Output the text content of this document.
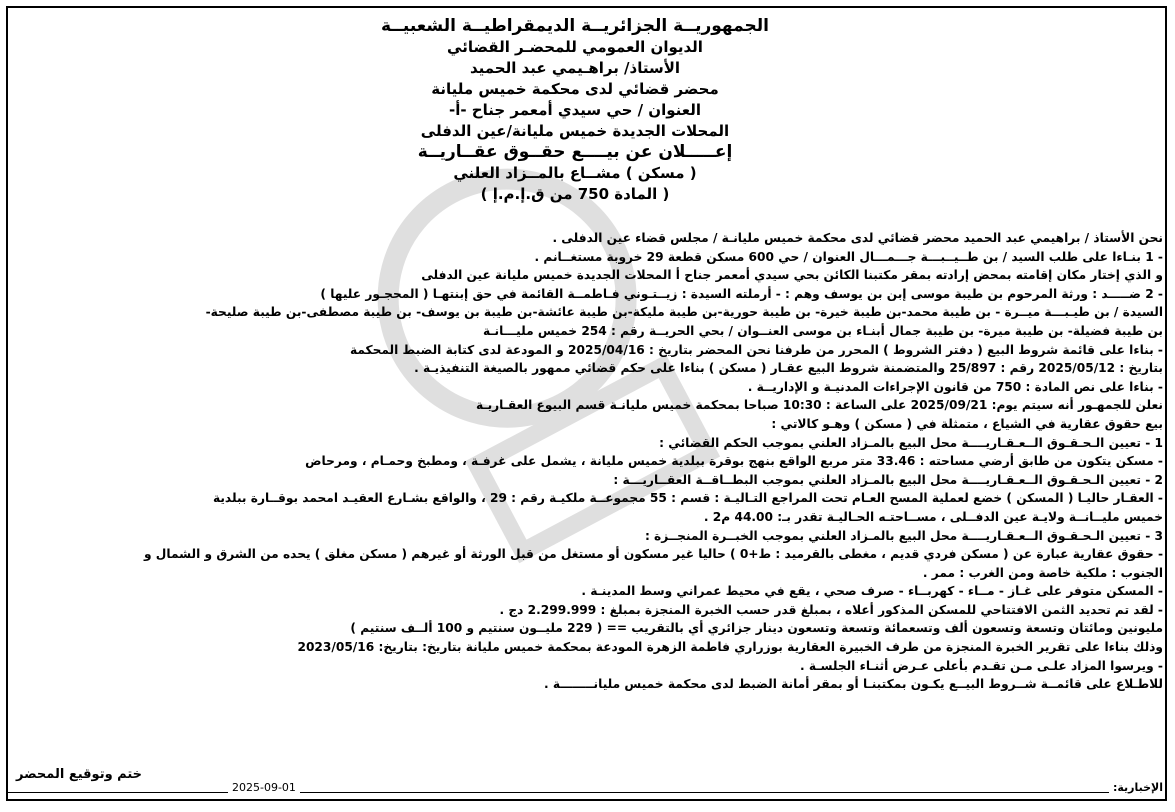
الجمهوريــة الجزائريــة الديمقراطيــة الشعبيــة
الديوان العمومي للمحضـر القضائي
الأستاذ/ براهـيمي عبد الحميد
محضر قضائي لدى محكمة خميس مليانة
العنوان / حي سيدي أمعمر جناح -أ-
المحلات الجديدة خميس مليانة/عين الدفلى
إعـــــلان عن بيــــع حقــوق عقــاريــة
( مسكن ) مشــاع بالمــزاد العلني
( المادة 750 من ق.إ.م.إ )
نحن الأستاذ / براهيمي عبد الحميد محضر قضائي لدى محكمة خميس مليانـة / مجلس قضاء عين الدفلى .
- 1 بنـاءا على طلب السيد / بن طــيــبـــة جـــمـــال العنوان / حي 600 مسكن قطعة 29 خروبة مستغــانم .
و الذي إختار مكان إقامته بمحض إرادته بمقر مكتبنا الكائن بحي سيدي أمعمر جناح أ المحلات الجديدة خميس مليانة عين الدفلى
- 2 ضـــــد : ورثة المرحوم بن طيبة موسى إبن بن يوسف وهم : - أرملته السيدة : زيــتـوني فـاطمــة القائمة في حق إبنتهـا ( المحجـور عليها )
السيدة / بن طيـبـــة ميــرة - بن طيبة محمد-بن طيبة خيرة- بن طيبة حورية-بن طيبة مليكة-بن طيبة عائشة-بن طيبة بن يوسف- بن طيبة مصطفى-بن طيبة صليحة-
بن طيبة فضيلة- بن طيبة ميرة- بن طيبة جمال أبنـاء بن موسى العنــوان / بحي الحريــة رقم : 254 خميس مليـــانـة
- بناءا على قائمة شروط البيع ( دفتر الشروط ) المحرر من طرفنا نحن المحضر بتاريخ : 2025/04/16 و المودعة لدى كتابة الضبط المحكمة
بتاريخ : 2025/05/12 رقم : 25/897 والمتضمنة شروط البيع عقـار ( مسكن ) بناءا على حكم قضائي ممهور بالصيغة التنفيذيـة .
- بناءا على نص المادة : 750 من قانون الإجراءات المدنيـة و الإداريــة .
نعلن للجمهـور أنه سيتم يوم: 2025/09/21 على الساعة : 10:30 صباحا بمحكمة خميس مليانـة قسم البيوع العقـاريـة
بيع حقوق عقارية في الشياع ، متمثلة في ( مسكن ) وهـو كالاتي :
1 - تعيين الـحـقـوق الــعـقـاريــــة محل البيع بالمـزاد العلني بموجب الحكم القضائي :
- مسكن يتكون من طابق أرضي مساحته : 33.46 متر مربع الواقع بنهج بوقرة ببلدية خميس مليانة ، يشمل على غرفـة ، ومطبخ وحمـام ، ومرحاض
2 - تعيين الـحـقـوق الــعـقـاريــــة محل البيع بالمـزاد العلني بموجب البطــاقــة العقــاريـــة :
- العقـار حاليـا ( المسكن ) خضع لعملية المسح العـام تحت المراجع التـاليـة : قسم : 55 مجموعــة ملكيـة رقم : 29 ، والواقع بشـارع العقيـد امحمد بوقــارة ببلدية
خميس مليــانــة ولايـة عين الدفــلى ، مســاحتـه الحـاليـة تقدر بـ: 44.00 م2 .
3 - تعيين الـحـقـوق الــعـقـاريــــة محل البيع بالمـزاد العلني بموجب الخبــرة المنجــزة :
- حقوق عقارية عبارة عن ( مسكن فردي قديم ، مغطى بالقرميد : ط+0 ) حاليا غير مسكون أو مستغل من قبل الورثة أو غيرهم ( مسكن مغلق ) يحده من الشرق و الشمال و
الجنوب : ملكية خاصة ومن الغرب : ممر .
- المسكن متوفر على غـاز - مــاء - كهربــاء - صرف صحي ، يقع في محيط عمراني وسط المدينـة .
- لقد تم تحديد الثمن الافتتاحي للمسكن المذكور أعلاه ، بمبلغ قدر حسب الخبرة المنجزة بمبلغ : 2.299.999 دج .
مليونين ومائتان وتسعة وتسعون ألف وتسعمائة وتسعة وتسعون دينار جزائري أي بالتقريب == ( 229 مليــون سنتيم و 100 ألــف سنتيم )
وذلك بناءا على تقرير الخبرة المنجزة من طرف الخبيرة العقارية بوزراري فاطمة الزهرة المودعة بمحكمة خميس مليانة بتاريخ: بتاريخ: 2023/05/16
- ويرسوا المزاد علـى مـن تقـدم بأعلى عـرض أثنـاء الجلسـة .
للاطـلاع على قائمــة شــروط البيــع يكـون بمكتبنـا أو بمقر أمانة الضبط لدى محكمة خميس مليانــــــــة .
ختم وتوقيع المحضر
الإخبارية:
2025-09-01
